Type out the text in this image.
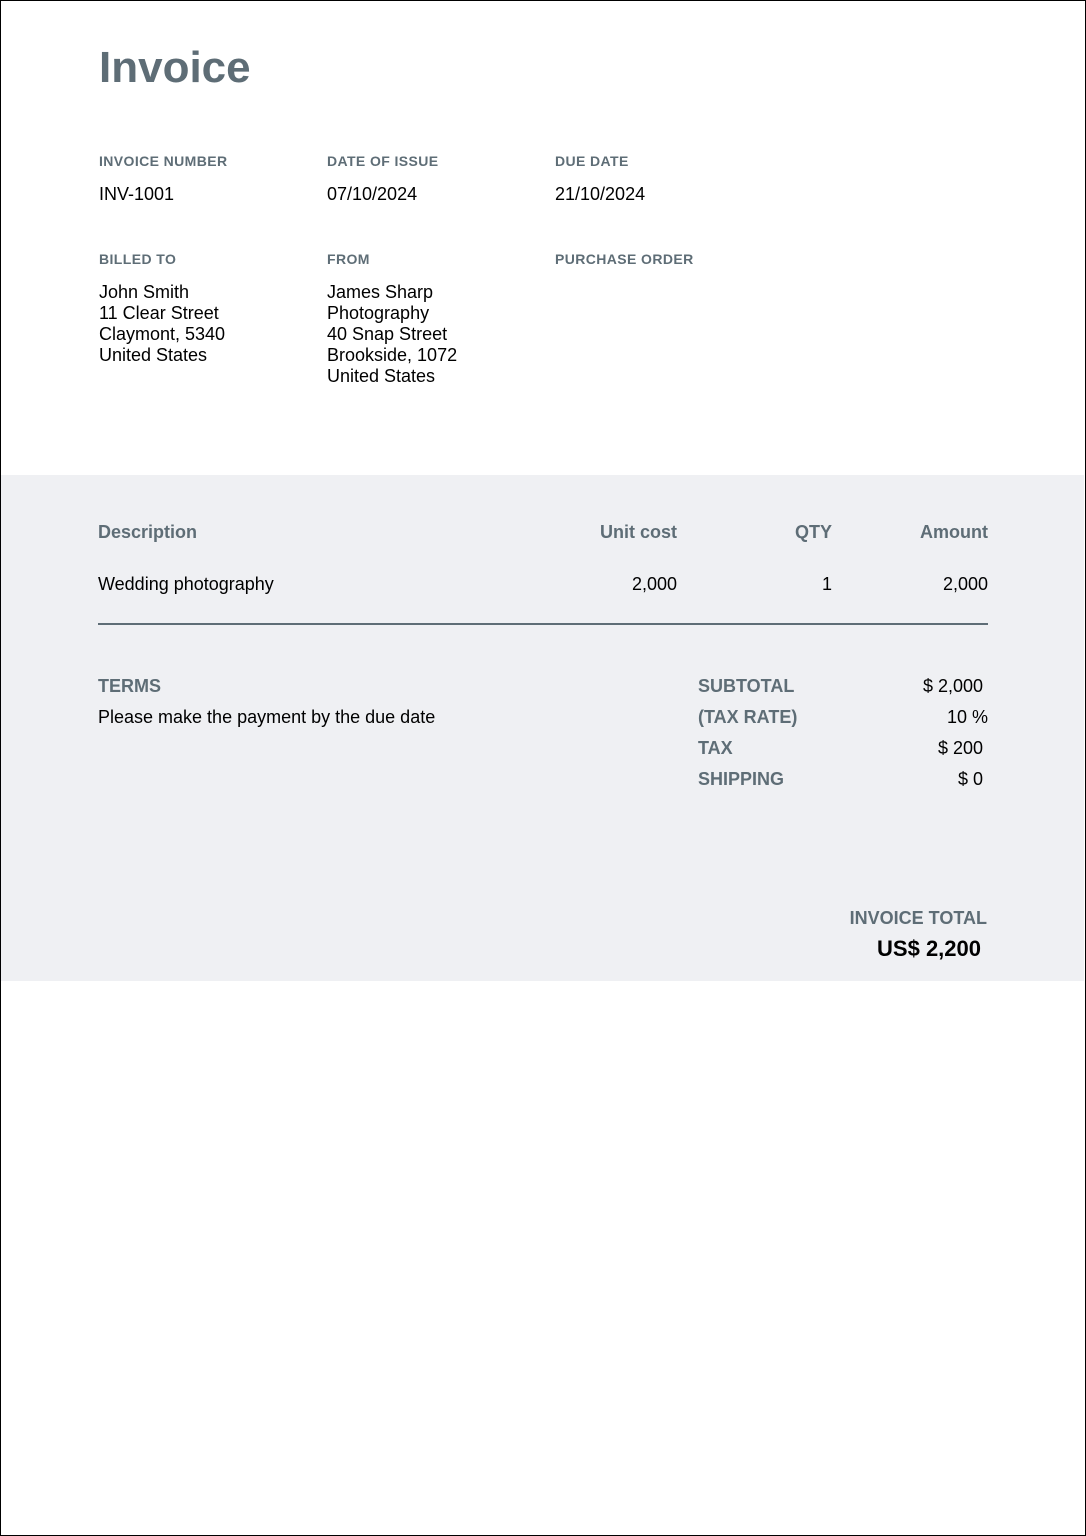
Invoice
INVOICE NUMBER
INV-1001
DATE OF ISSUE
07/10/2024
DUE DATE
21/10/2024
BILLED TO
John Smith
11 Clear Street
Claymont, 5340
United States
FROM
James Sharp
Photography
40 Snap Street
Brookside, 1072
United States
PURCHASE ORDER
Description	Unit cost	QTY	Amount
Wedding photography	2,000	1	2,000
TERMS
Please make the payment by the due date
SUBTOTAL	$ 2,000
(TAX RATE)	10 %
TAX	$ 200
SHIPPING	$ 0
INVOICE TOTAL
US$ 2,200
